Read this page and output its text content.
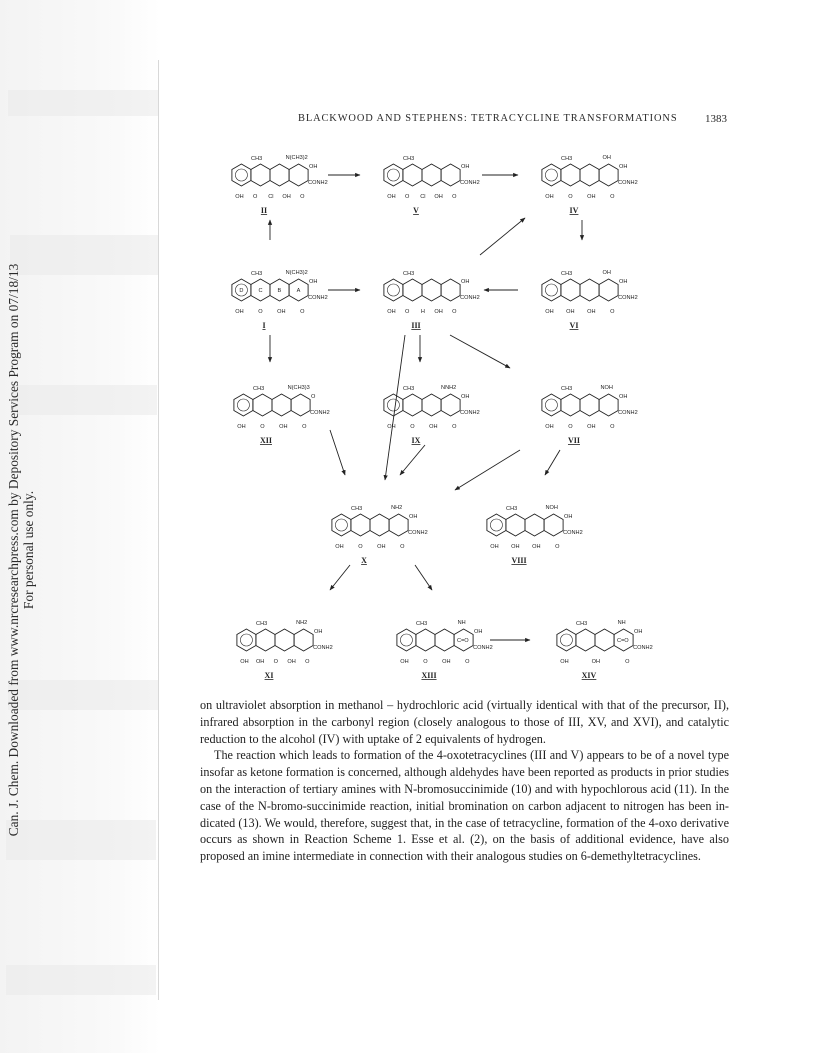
Can. J. Chem. Downloaded from www.nrcresearchpress.com by Depository Services Program on 07/18/13 For personal use only.
BLACKWOOD AND STEPHENS: TETRACYCLINE TRANSFORMATIONS 1383
CH3	N(CH3)2
OH
CONH2
OH O Cl OH O
II
CH3
OH
CONH2
OH O Cl OH O
V
CH3	OH
OH
CONH2
OH	O	OH	O
IV
CH3	N(CH3)2
OH
CONH2
OH	O	OH	O
I
CH3
OH
CONH2
OH O H OH O
III
CH3	OH
OH
CONH2
OH OH OH	O
VI
CH3	N(CH3)3
O
CONH2
OH	O	OH	O
XII
CH3	NNH2
OH
CONH2
OH	O	OH	O
IX
CH3	NOH
OH
CONH2
OH	O	OH	O
VII
CH3	NH2
OH
CONH2
OH	O	OH	O
X
CH3	NOH
OH
CONH2
OH OH OH	O
VIII
CH3	NH2
OH
CONH2
OH OH O OH O
XI
CH3	NH
OH
CONH2
OH	O	OH	O
XIII
CH3	NH
OH
CONH2
OH	OH	O
XIV
D	C	B	A
C=O	C=O

on ultraviolet absorption in methanol – hydrochloric acid (virtually identical with that of the precursor, II), infrared absorption in the carbonyl region (closely analogous to those of III, XV, and XVI), and catalytic reduction to the alcohol (IV) with uptake of 2 equivalents of hydrogen.

The reaction which leads to formation of the 4-oxotetracyclines (III and V) appears to be of a novel type insofar as ketone formation is concerned, although aldehydes have been reported as products in prior studies on the interaction of tertiary amines with N-bromosuccinimide (10) and with hypochlorous acid (11). In the case of the N-bromo-succinimide reaction, initial bromination on carbon adjacent to nitrogen has been in-dicated (13). We would, therefore, suggest that, in the case of tetracycline, formation of the 4-oxo derivative occurs as shown in Reaction Scheme 1. Esse et al. (2), on the basis of additional evidence, have also proposed an imine intermediate in connection with their analogous studies on 6-demethyltetracyclines.
